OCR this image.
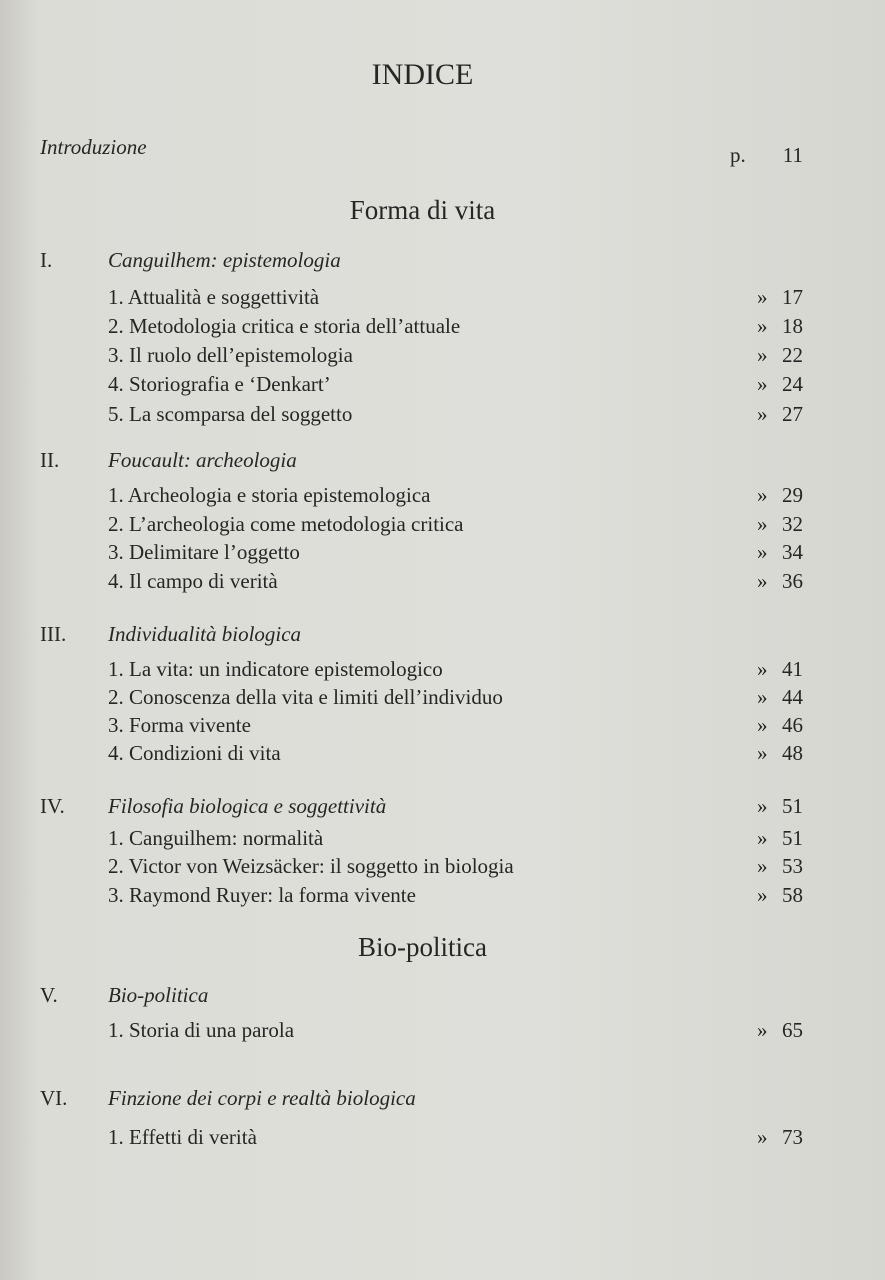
INDICE
Introduzione	p. 11
Forma di vita
Bio-politica
I.	Canguilhem: epistemologia
1. Attualità e soggettività	» 17
2. Metodologia critica e storia dell’attuale	» 18
3. Il ruolo dell’epistemologia	» 22
4. Storiografia e ‘Denkart’	» 24
5. La scomparsa del soggetto	» 27
II. Foucault: archeologia
1. Archeologia e storia epistemologica	» 29
2. L’archeologia come metodologia critica	» 32
3. Delimitare l’oggetto	» 34
4. Il campo di verità	» 36
III. Individualità biologica
1. La vita: un indicatore epistemologico	» 41
2. Conoscenza della vita e limiti dell’individuo	» 44
3. Forma vivente	» 46
4. Condizioni di vita	» 48
IV. Filosofia biologica e soggettività	» 51
1. Canguilhem: normalità	» 51
2. Victor von Weizsäcker: il soggetto in biologia	» 53
3. Raymond Ruyer: la forma vivente	» 58
V. Bio-politica
1. Storia di una parola	» 65
VI. Finzione dei corpi e realtà biologica
1. Effetti di verità	» 73
